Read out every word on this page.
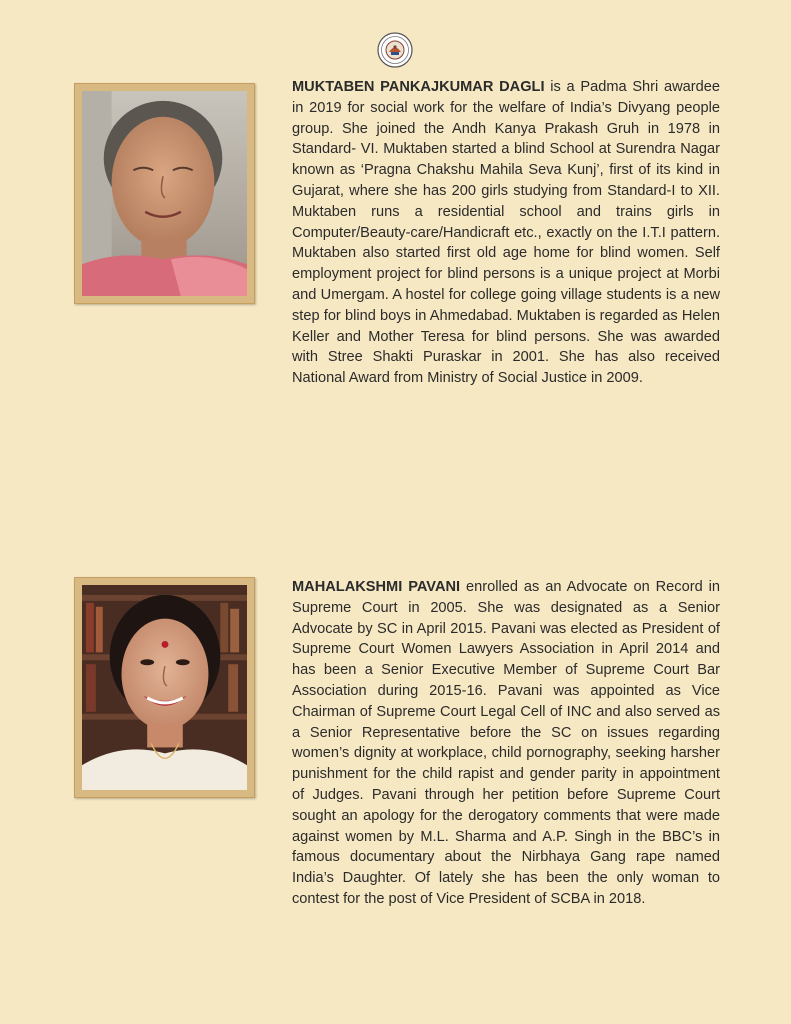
MUKTABEN PANKAJKUMAR DAGLI is a Padma Shri awardee in 2019 for social work for the welfare of India’s Divyang people group. She joined the Andh Kanya Prakash Gruh in 1978 in Standard- VI. Muktaben started a blind School at Surendra Nagar known as ‘Pragna Chakshu Mahila Seva Kunj’, first of its kind in Gujarat, where she has 200 girls studying from Standard-I to XII. Muktaben runs a residential school and trains girls in Computer/Beauty-care/Handicraft etc., exactly on the I.T.I pattern. Muktaben also started first old age home for blind women. Self employment project for blind persons is a unique project at Morbi and Umergam. A hostel for college going village students is a new step for blind boys in Ahmedabad. Muktaben is regarded as Helen Keller and Mother Teresa for blind persons. She was awarded with Stree Shakti Puraskar in 2001. She has also received National Award from Ministry of Social Justice in 2009.

MAHALAKSHMI PAVANI enrolled as an Advocate on Record in Supreme Court in 2005. She was designated as a Senior Advocate by SC in April 2015. Pavani was elected as President of Supreme Court Women Lawyers Association in April 2014 and has been a Senior Executive Member of Supreme Court Bar Association during 2015-16. Pavani was appointed as Vice Chairman of Supreme Court Legal Cell of INC and also served as a Senior Representative before the SC on issues regarding women’s dignity at workplace, child pornography, seeking harsher punishment for the child rapist and gender parity in appointment of Judges. Pavani through her petition before Supreme Court sought an apology for the derogatory comments that were made against women by M.L. Sharma and A.P. Singh in the BBC’s in famous documentary about the Nirbhaya Gang rape named India’s Daughter. Of lately she has been the only woman to contest for the post of Vice President of SCBA in 2018.
